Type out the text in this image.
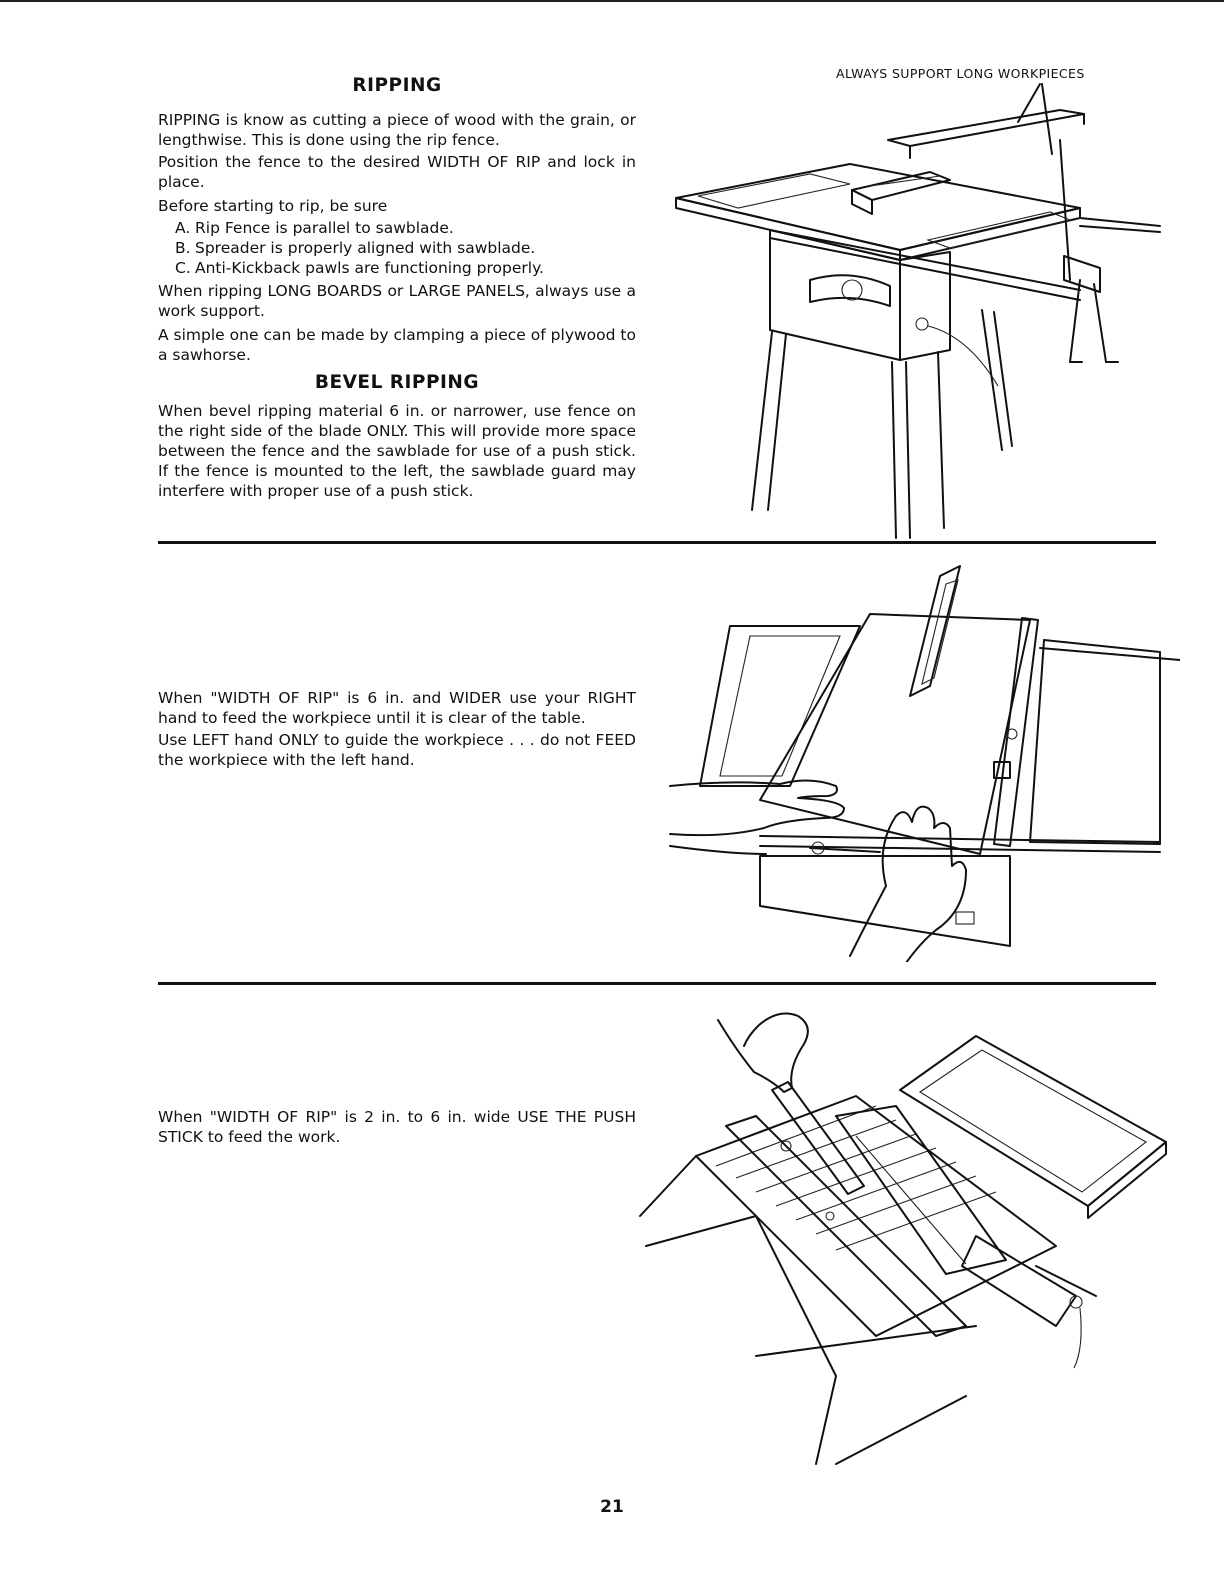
RIPPING

RIPPING is know as cutting a piece of wood with the grain, or lengthwise. This is done using the rip fence.

Position the fence to the desired WIDTH OF RIP and lock in place.

Before starting to rip, be sure

A. Rip Fence is parallel to sawblade.
B. Spreader is properly aligned with sawblade.
C. Anti-Kickback pawls are functioning properly.

When ripping LONG BOARDS or LARGE PANELS, always use a work support.

A simple one can be made by clamping a piece of plywood to a sawhorse.

BEVEL RIPPING

When bevel ripping material 6 in. or narrower, use fence on the right side of the blade ONLY. This will provide more space between the fence and the sawblade for use of a push stick. If the fence is mounted to the left, the sawblade guard may interfere with proper use of a push stick.

When "WIDTH OF RIP" is 6 in. and WIDER use your RIGHT hand to feed the workpiece until it is clear of the table.

Use LEFT hand ONLY to guide the workpiece . . . do not FEED the workpiece with the left hand.

When "WIDTH OF RIP" is 2 in. to 6 in. wide USE THE PUSH STICK to feed the work.

ALWAYS SUPPORT LONG WORKPIECES
21
